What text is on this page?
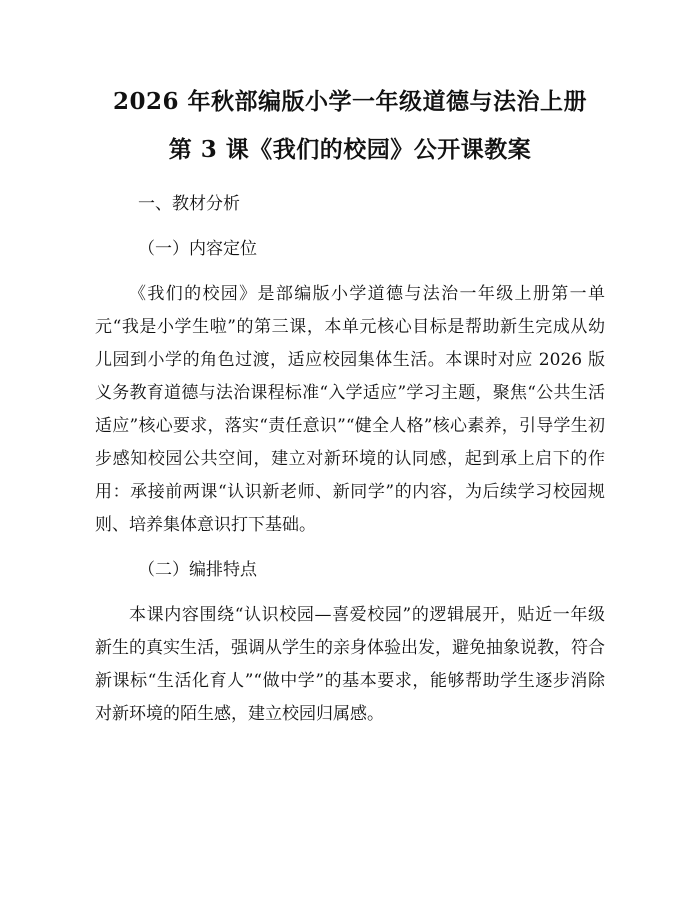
2026 年秋部编版小学一年级道德与法治上册
第 3 课《我们的校园》公开课教案
一、教材分析
（一）内容定位

《我们的校园》是部编版小学道德与法治一年级上册第一单元“我是小学生啦”的第三课，本单元核心目标是帮助新生完成从幼儿园到小学的角色过渡，适应校园集体生活。本课时对应 2026 版义务教育道德与法治课程标准“入学适应”学习主题，聚焦“公共生活适应”核心要求，落实“责任意识”“健全人格”核心素养，引导学生初步感知校园公共空间，建立对新环境的认同感，起到承上启下的作用：承接前两课“认识新老师、新同学”的内容，为后续学习校园规则、培养集体意识打下基础。

（二）编排特点

本课内容围绕“认识校园—喜爱校园”的逻辑展开，贴近一年级新生的真实生活，强调从学生的亲身体验出发，避免抽象说教，符合新课标“生活化育人”“做中学”的基本要求，能够帮助学生逐步消除对新环境的陌生感，建立校园归属感。
